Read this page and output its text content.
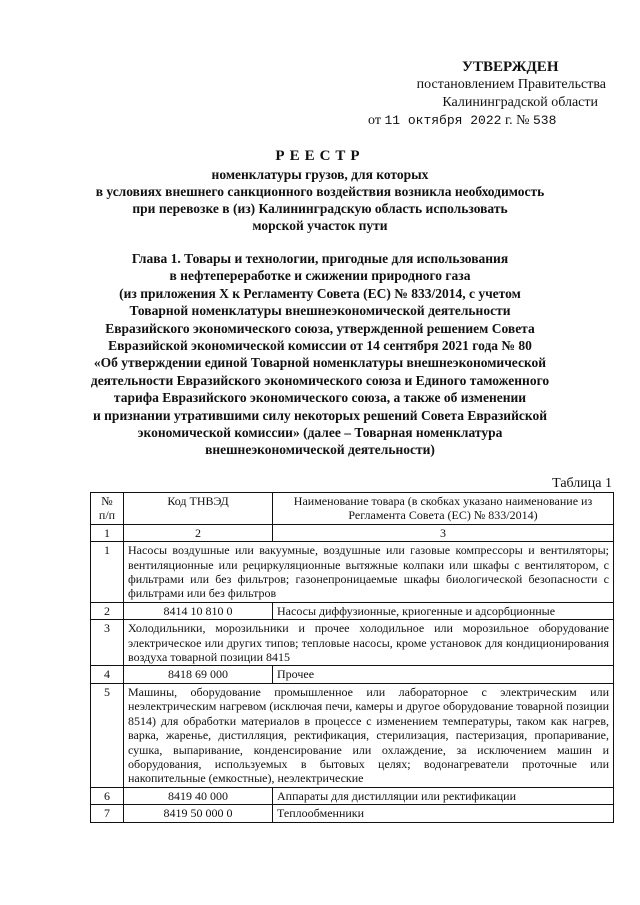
УТВЕРЖДЕН
постановлением Правительства
Калининградской области
от 11 октября 2022 г. № 538
РЕЕСТР
номенклатуры грузов, для которых
в условиях внешнего санкционного воздействия возникла необходимость
при перевозке в (из) Калининградскую область использовать
морской участок пути
Глава 1. Товары и технологии, пригодные для использования
в нефтепереработке и сжижении природного газа
(из приложения X к Регламенту Совета (ЕС) № 833/2014, с учетом
Товарной номенклатуры внешнеэкономической деятельности
Евразийского экономического союза, утвержденной решением Совета
Евразийской экономической комиссии от 14 сентября 2021 года № 80
«Об утверждении единой Товарной номенклатуры внешнеэкономической
деятельности Евразийского экономического союза и Единого таможенного
тарифа Евразийского экономического союза, а также об изменении
и признании утратившими силу некоторых решений Совета Евразийской
экономической комиссии» (далее – Товарная номенклатура
внешнеэкономической деятельности)
Таблица 1
№ п/п	Код ТНВЭД	Наименование товара (в скобках указано наименование из Регламента Совета (ЕС) № 833/2014)
1	2	3
1	Насосы воздушные или вакуумные, воздушные или газовые компрессоры и вентиляторы; вентиляционные или рециркуляционные вытяжные колпаки или шкафы с вентилятором, с фильтрами или без фильтров; газонепроницаемые шкафы биологической безопасности с фильтрами или без фильтров	
2	8414 10 810 0	Насосы диффузионные, криогенные и адсорбционные
3	Холодильники, морозильники и прочее холодильное или морозильное оборудование электрическое или других типов; тепловые насосы, кроме установок для кондиционирования воздуха товарной позиции 8415	
4	8418 69 000	Прочее
5	Машины, оборудование промышленное или лабораторное с электрическим или неэлектрическим нагревом (исключая печи, камеры и другое оборудование товарной позиции 8514) для обработки материалов в процессе с изменением температуры, таком как нагрев, варка, жаренье, дистилляция, ректификация, стерилизация, пастеризация, пропаривание, сушка, выпаривание, конденсирование или охлаждение, за исключением машин и оборудования, используемых в бытовых целях; водонагреватели проточные или накопительные (емкостные), неэлектрические	
6	8419 40 000	Аппараты для дистилляции или ректификации
7	8419 50 000 0	Теплообменники
